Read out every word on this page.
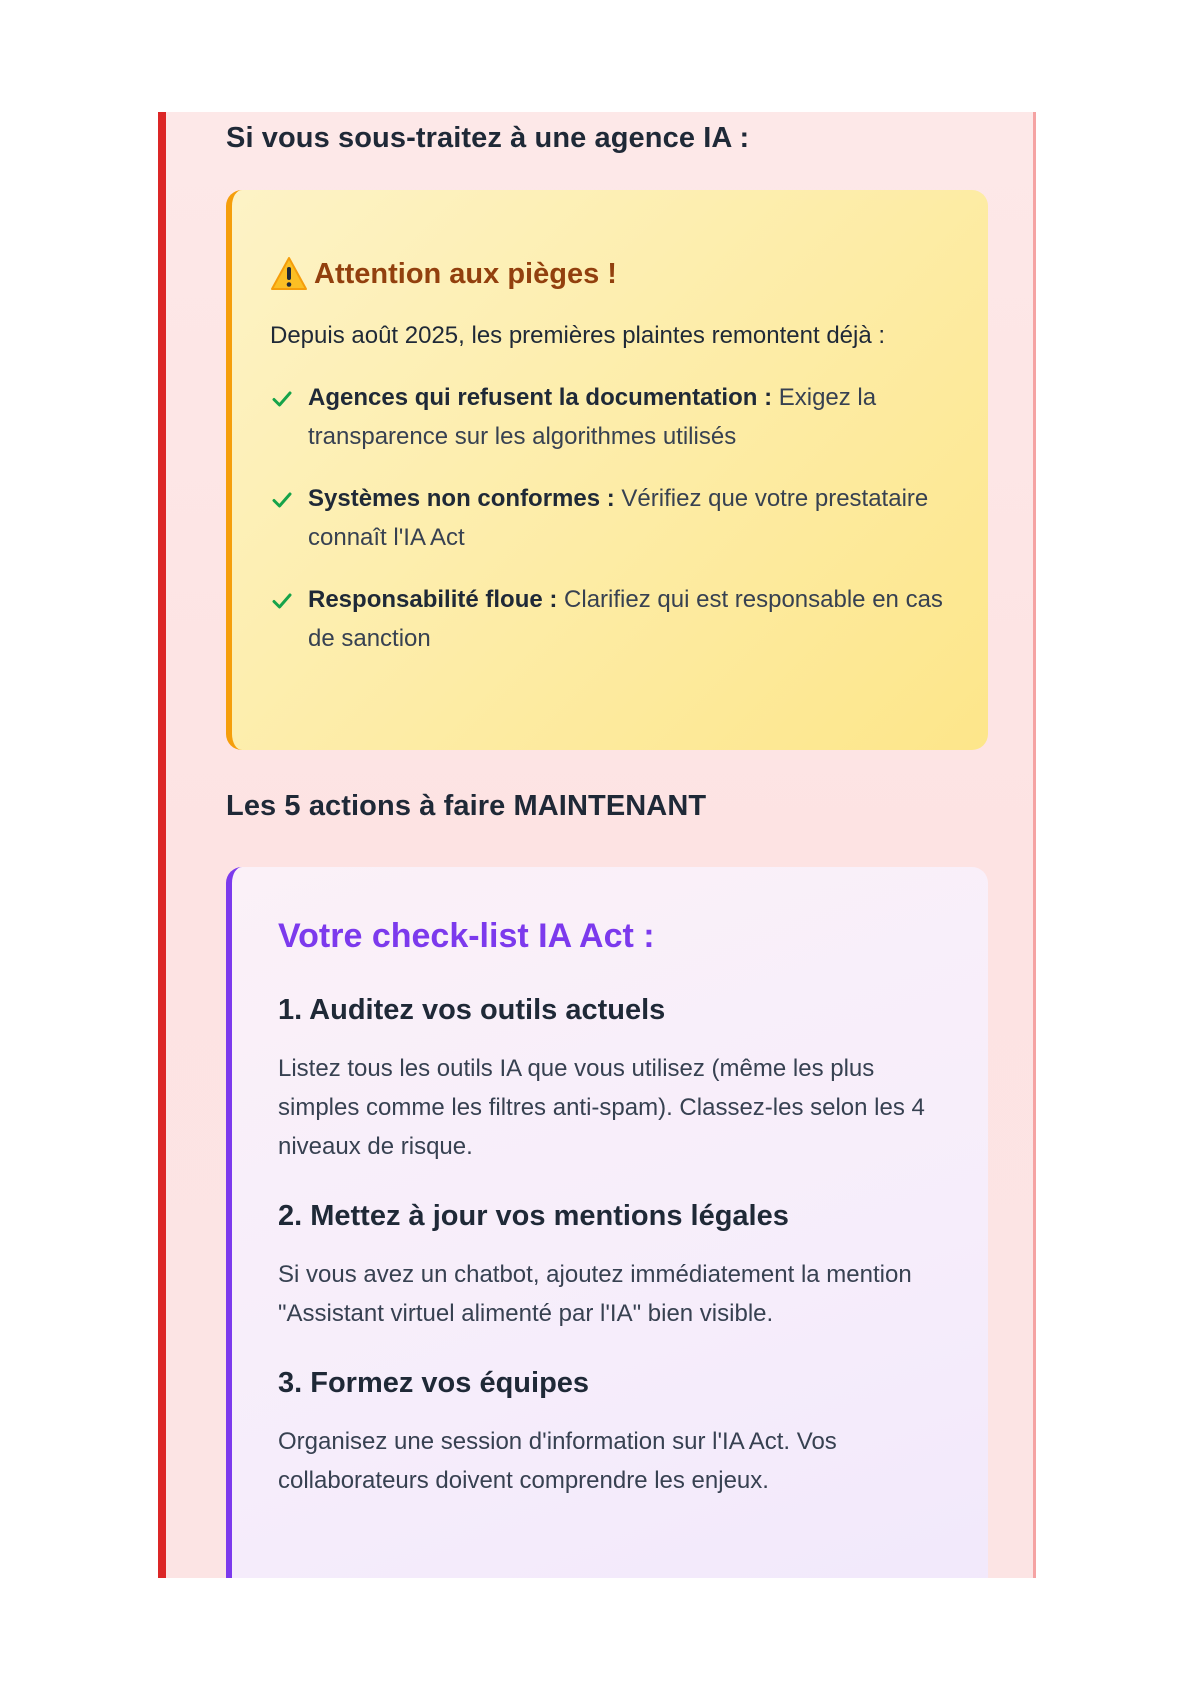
Si vous sous-traitez à une agence IA :
Attention aux pièges !

Depuis août 2025, les premières plaintes remontent déjà :

Agences qui refusent la documentation : Exigez la transparence sur les algorithmes utilisés
Systèmes non conformes : Vérifiez que votre prestataire connaît l'IA Act
Responsabilité floue : Clarifiez qui est responsable en cas de sanction
Les 5 actions à faire MAINTENANT
Votre check-list IA Act :
1. Auditez vos outils actuels

Listez tous les outils IA que vous utilisez (même les plus simples comme les filtres anti-spam). Classez-les selon les 4 niveaux de risque.

2. Mettez à jour vos mentions légales

Si vous avez un chatbot, ajoutez immédiatement la mention "Assistant virtuel alimenté par l'IA" bien visible.

3. Formez vos équipes

Organisez une session d'information sur l'IA Act. Vos collaborateurs doivent comprendre les enjeux.
